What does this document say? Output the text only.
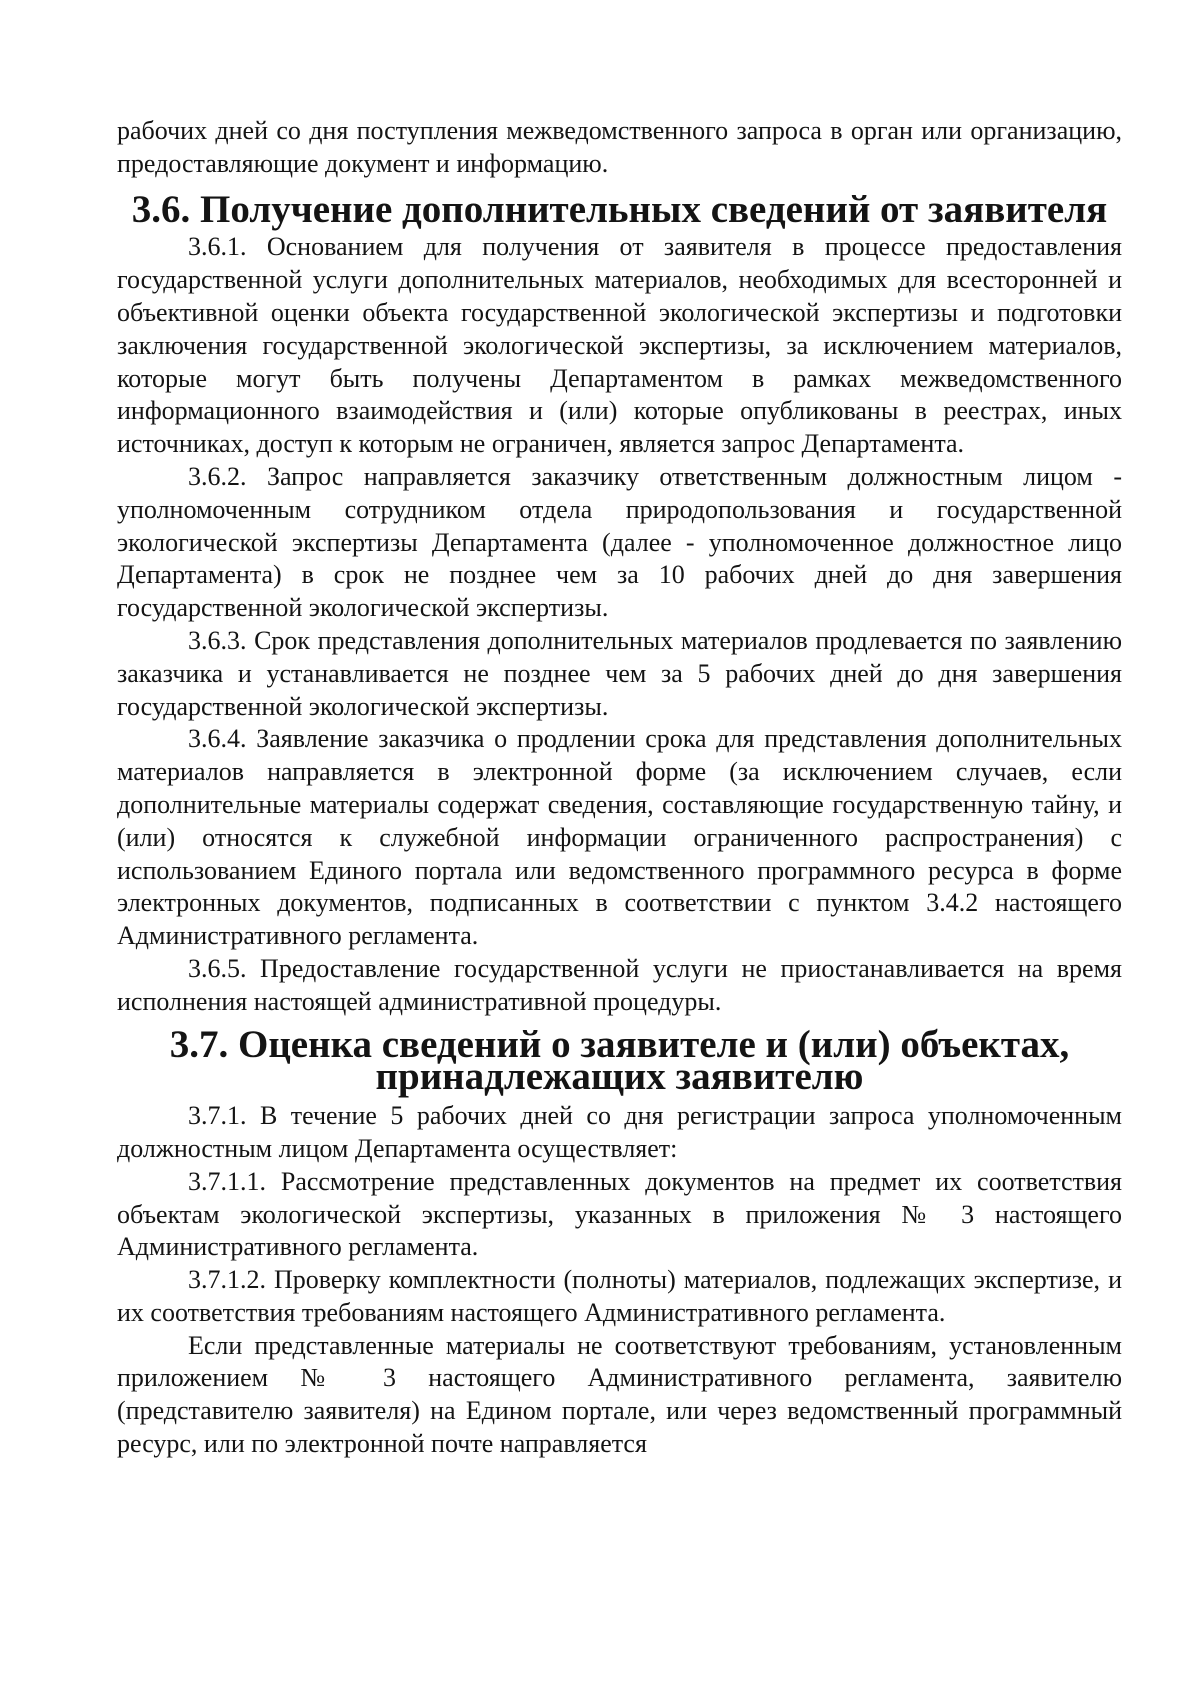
рабочих дней со дня поступления межведомственного запроса в орган или организацию, предоставляющие документ и информацию.

3.6. Получение дополнительных сведений от заявителя

3.6.1. Основанием для получения от заявителя в процессе предоставления государственной услуги дополнительных материалов, необходимых для всесторонней и объективной оценки объекта государственной экологической экспертизы и подготовки заключения государственной экологической экспертизы, за исключением материалов, которые могут быть получены Департаментом в рамках межведомственного информационного взаимодействия и (или) которые опубликованы в реестрах, иных источниках, доступ к которым не ограничен, является запрос Департамента.

3.6.2. Запрос направляется заказчику ответственным должностным лицом - уполномоченным сотрудником отдела природопользования и государственной экологической экспертизы Департамента (далее - уполномоченное должностное лицо Департамента) в срок не позднее чем за 10 рабочих дней до дня завершения государственной экологической экспертизы.

3.6.3. Срок представления дополнительных материалов продлевается по заявлению заказчика и устанавливается не позднее чем за 5 рабочих дней до дня завершения государственной экологической экспертизы.

3.6.4. Заявление заказчика о продлении срока для представления дополнительных материалов направляется в электронной форме (за исключением случаев, если дополнительные материалы содержат сведения, составляющие государственную тайну, и (или) относятся к служебной информации ограниченного распространения) с использованием Единого портала или ведомственного программного ресурса в форме электронных документов, подписанных в соответствии с пунктом 3.4.2 настоящего Административного регламента.

3.6.5. Предоставление государственной услуги не приостанавливается на время исполнения настоящей административной процедуры.

3.7. Оценка сведений о заявителе и (или) объектах, принадлежащих заявителю

3.7.1. В течение 5 рабочих дней со дня регистрации запроса уполномоченным должностным лицом Департамента осуществляет:

3.7.1.1. Рассмотрение представленных документов на предмет их соответствия объектам экологической экспертизы, указанных в приложения № 3 настоящего Административного регламента.

3.7.1.2. Проверку комплектности (полноты) материалов, подлежащих экспертизе, и их соответствия требованиям настоящего Административного регламента.

Если представленные материалы не соответствуют требованиям, установленным приложением № 3 настоящего Административного регламента, заявителю (представителю заявителя) на Едином портале, или через ведомственный программный ресурс, или по электронной почте направляется
